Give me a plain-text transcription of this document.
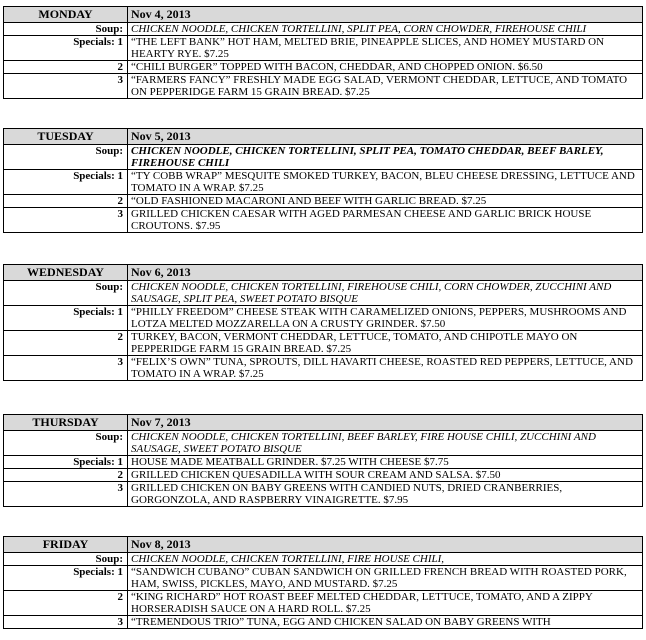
MONDAY	Nov 4, 2013
Soup:	CHICKEN NOODLE, CHICKEN TORTELLINI, SPLIT PEA, CORN CHOWDER, FIREHOUSE CHILI
Specials: 1	“THE LEFT BANK” HOT HAM, MELTED BRIE, PINEAPPLE SLICES, AND HOMEY MUSTARD ON HEARTY RYE. $7.25
2	“CHILI BURGER” TOPPED WITH BACON, CHEDDAR, AND CHOPPED ONION. $6.50
3	“FARMERS FANCY” FRESHLY MADE EGG SALAD, VERMONT CHEDDAR, LETTUCE, AND TOMATO ON PEPPERIDGE FARM 15 GRAIN BREAD. $7.25
TUESDAY	Nov 5, 2013
Soup:	CHICKEN NOODLE, CHICKEN TORTELLINI, SPLIT PEA, TOMATO CHEDDAR, BEEF BARLEY, FIREHOUSE CHILI
Specials: 1	“TY COBB WRAP” MESQUITE SMOKED TURKEY, BACON, BLEU CHEESE DRESSING, LETTUCE AND TOMATO IN A WRAP. $7.25
2	“OLD FASHIONED MACARONI AND BEEF WITH GARLIC BREAD. $7.25
3	GRILLED CHICKEN CAESAR WITH AGED PARMESAN CHEESE AND GARLIC BRICK HOUSE CROUTONS. $7.95
WEDNESDAY	Nov 6, 2013
Soup:	CHICKEN NOODLE, CHICKEN TORTELLINI, FIREHOUSE CHILI, CORN CHOWDER, ZUCCHINI AND SAUSAGE, SPLIT PEA, SWEET POTATO BISQUE
Specials: 1	“PHILLY FREEDOM” CHEESE STEAK WITH CARAMELIZED ONIONS, PEPPERS, MUSHROOMS AND LOTZA MELTED MOZZARELLA ON A CRUSTY GRINDER. $7.50
2	TURKEY, BACON, VERMONT CHEDDAR, LETTUCE, TOMATO, AND CHIPOTLE MAYO ON PEPPERIDGE FARM 15 GRAIN BREAD. $7.25
3	“FELIX’S OWN” TUNA, SPROUTS, DILL HAVARTI CHEESE, ROASTED RED PEPPERS, LETTUCE, AND TOMATO IN A WRAP. $7.25
THURSDAY	Nov 7, 2013
Soup:	CHICKEN NOODLE, CHICKEN TORTELLINI, BEEF BARLEY, FIRE HOUSE CHILI, ZUCCHINI AND SAUSAGE, SWEET POTATO BISQUE
Specials: 1	HOUSE MADE MEATBALL GRINDER. $7.25 WITH CHEESE $7.75
2	GRILLED CHICKEN QUESADILLA WITH SOUR CREAM AND SALSA. $7.50
3	GRILLED CHICKEN ON BABY GREENS WITH CANDIED NUTS, DRIED CRANBERRIES, GORGONZOLA, AND RASPBERRY VINAIGRETTE. $7.95
FRIDAY	Nov 8, 2013
Soup:	CHICKEN NOODLE, CHICKEN TORTELLINI, FIRE HOUSE CHILI,
Specials: 1	“SANDWICH CUBANO” CUBAN SANDWICH ON GRILLED FRENCH BREAD WITH ROASTED PORK, HAM, SWISS, PICKLES, MAYO, AND MUSTARD. $7.25
2	“KING RICHARD” HOT ROAST BEEF MELTED CHEDDAR, LETTUCE, TOMATO, AND A ZIPPY HORSERADISH SAUCE ON A HARD ROLL. $7.25
3	“TREMENDOUS TRIO” TUNA, EGG AND CHICKEN SALAD ON BABY GREENS WITH
